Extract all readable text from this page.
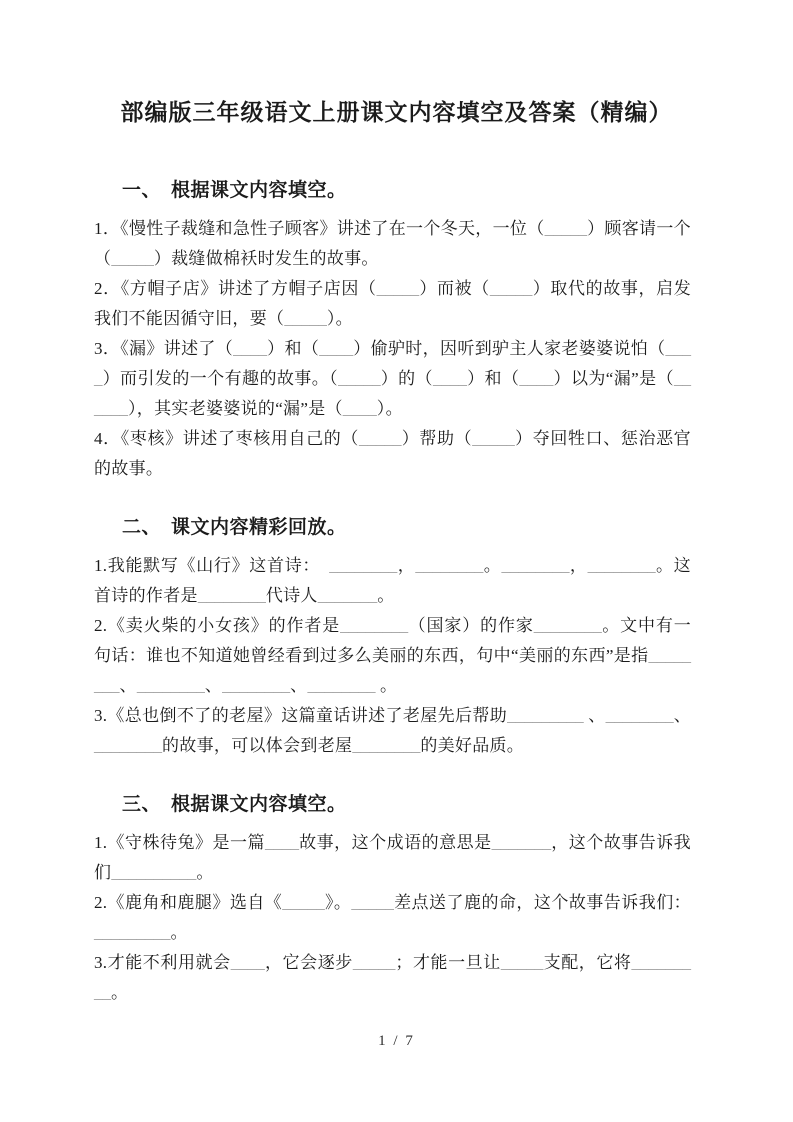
部编版三年级语文上册课文内容填空及答案（精编）
一、　根据课文内容填空。

1．《慢性子裁缝和急性子顾客》讲述了在一个冬天，一位（_____）顾客请一个（_____）裁缝做棉袄时发生的故事。

2．《方帽子店》讲述了方帽子店因（_____）而被（_____）取代的故事，启发我们不能因循守旧，要（_____）。

3．《漏》讲述了（____）和（____）偷驴时，因听到驴主人家老婆婆说怕（____）而引发的一个有趣的故事。（_____）的（____）和（____）以为“漏”是（______），其实老婆婆说的“漏”是（____）。

4．《枣核》讲述了枣核用自己的（_____）帮助（_____）夺回牲口、惩治恶官的故事。

二、　课文内容精彩回放。

1.我能默写《山行》这首诗：　________，________。________，________。这首诗的作者是________代诗人_______。

2.《卖火柴的小女孩》的作者是________（国家）的作家________。文中有一句话：谁也不知道她曾经看到过多么美丽的东西，句中“美丽的东西”是指________、________、________、________ 。

3.《总也倒不了的老屋》这篇童话讲述了老屋先后帮助_________ 、________、________的故事，可以体会到老屋________的美好品质。

三、　根据课文内容填空。

1.《守株待兔》是一篇____故事，这个成语的意思是_______，这个故事告诉我们__________。

2.《鹿角和鹿腿》选自《_____》。_____差点送了鹿的命，这个故事告诉我们：_________。

3.才能不利用就会____，它会逐步_____；才能一旦让_____支配，它将_________。

1 / 7
